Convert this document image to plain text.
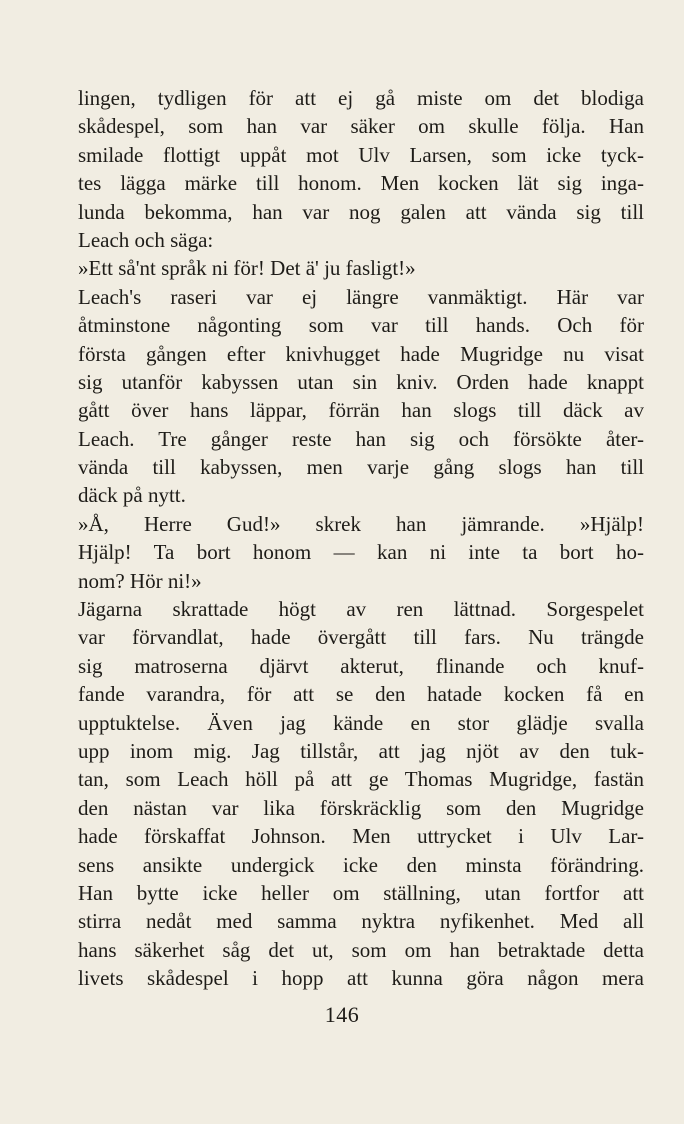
lingen, tydligen för att ej gå miste om det blodiga
skådespel, som han var säker om skulle följa. Han
smilade flottigt uppåt mot Ulv Larsen, som icke tyck-
tes lägga märke till honom. Men kocken lät sig inga-
lunda bekomma, han var nog galen att vända sig till
Leach och säga:
»Ett så'nt språk ni för! Det ä' ju fasligt!»
Leach's raseri var ej längre vanmäktigt. Här var
åtminstone någonting som var till hands. Och för
första gången efter knivhugget hade Mugridge nu visat
sig utanför kabyssen utan sin kniv. Orden hade knappt
gått över hans läppar, förrän han slogs till däck av
Leach. Tre gånger reste han sig och försökte åter-
vända till kabyssen, men varje gång slogs han till
däck på nytt.
»Å, Herre Gud!» skrek han jämrande. »Hjälp!
Hjälp! Ta bort honom — kan ni inte ta bort ho-
nom? Hör ni!»
Jägarna skrattade högt av ren lättnad. Sorgespelet
var förvandlat, hade övergått till fars. Nu trängde
sig matroserna djärvt akterut, flinande och knuf-
fande varandra, för att se den hatade kocken få en
upptuktelse. Även jag kände en stor glädje svalla
upp inom mig. Jag tillstår, att jag njöt av den tuk-
tan, som Leach höll på att ge Thomas Mugridge, fastän
den nästan var lika förskräcklig som den Mugridge
hade förskaffat Johnson. Men uttrycket i Ulv Lar-
sens ansikte undergick icke den minsta förändring.
Han bytte icke heller om ställning, utan fortfor att
stirra nedåt med samma nyktra nyfikenhet. Med all
hans säkerhet såg det ut, som om han betraktade detta
livets skådespel i hopp att kunna göra någon mera
146
